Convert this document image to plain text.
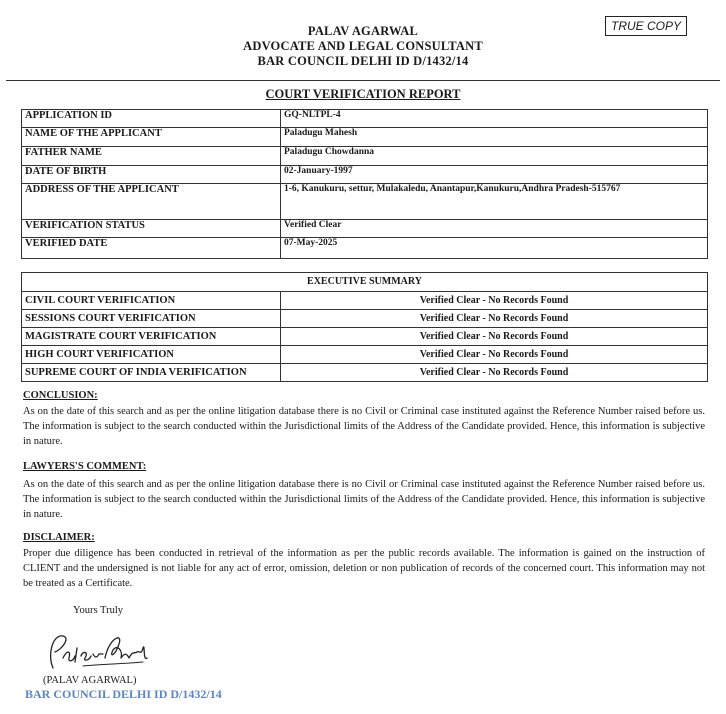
PALAV AGARWAL
ADVOCATE AND LEGAL CONSULTANT
BAR COUNCIL DELHI ID D/1432/14
TRUE COPY
COURT VERIFICATION REPORT
APPLICATION ID	GQ-NLTPL-4
NAME OF THE APPLICANT	Paladugu Mahesh
FATHER NAME	Paladugu Chowdanna
DATE OF BIRTH	02-January-1997
ADDRESS OF THE APPLICANT	1-6, Kanukuru, settur, Mulakaledu, Anantapur,Kanukuru,Andhra Pradesh-515767
VERIFICATION STATUS	Verified Clear
VERIFIED DATE	07-May-2025
EXECUTIVE SUMMARY	
CIVIL COURT VERIFICATION	Verified Clear - No Records Found
SESSIONS COURT VERIFICATION	Verified Clear - No Records Found
MAGISTRATE COURT VERIFICATION	Verified Clear - No Records Found
HIGH COURT VERIFICATION	Verified Clear - No Records Found
SUPREME COURT OF INDIA VERIFICATION	Verified Clear - No Records Found
CONCLUSION:
As on the date of this search and as per the online litigation database there is no Civil or Criminal case instituted against the Reference Number raised before us. The information is subject to the search conducted within the Jurisdictional limits of the Address of the Candidate provided. Hence, this information is subjective in nature.
LAWYERS'S COMMENT:
As on the date of this search and as per the online litigation database there is no Civil or Criminal case instituted against the Reference Number raised before us. The information is subject to the search conducted within the Jurisdictional limits of the Address of the Candidate provided. Hence, this information is subjective in nature.
DISCLAIMER:
Proper due diligence has been conducted in retrieval of the information as per the public records available. The information is gained on the instruction of CLIENT and the undersigned is not liable for any act of error, omission, deletion or non publication of records of the concerned court. This information may not be treated as a Certificate.
Yours Truly
(PALAV AGARWAL)
BAR COUNCIL DELHI ID D/1432/14
